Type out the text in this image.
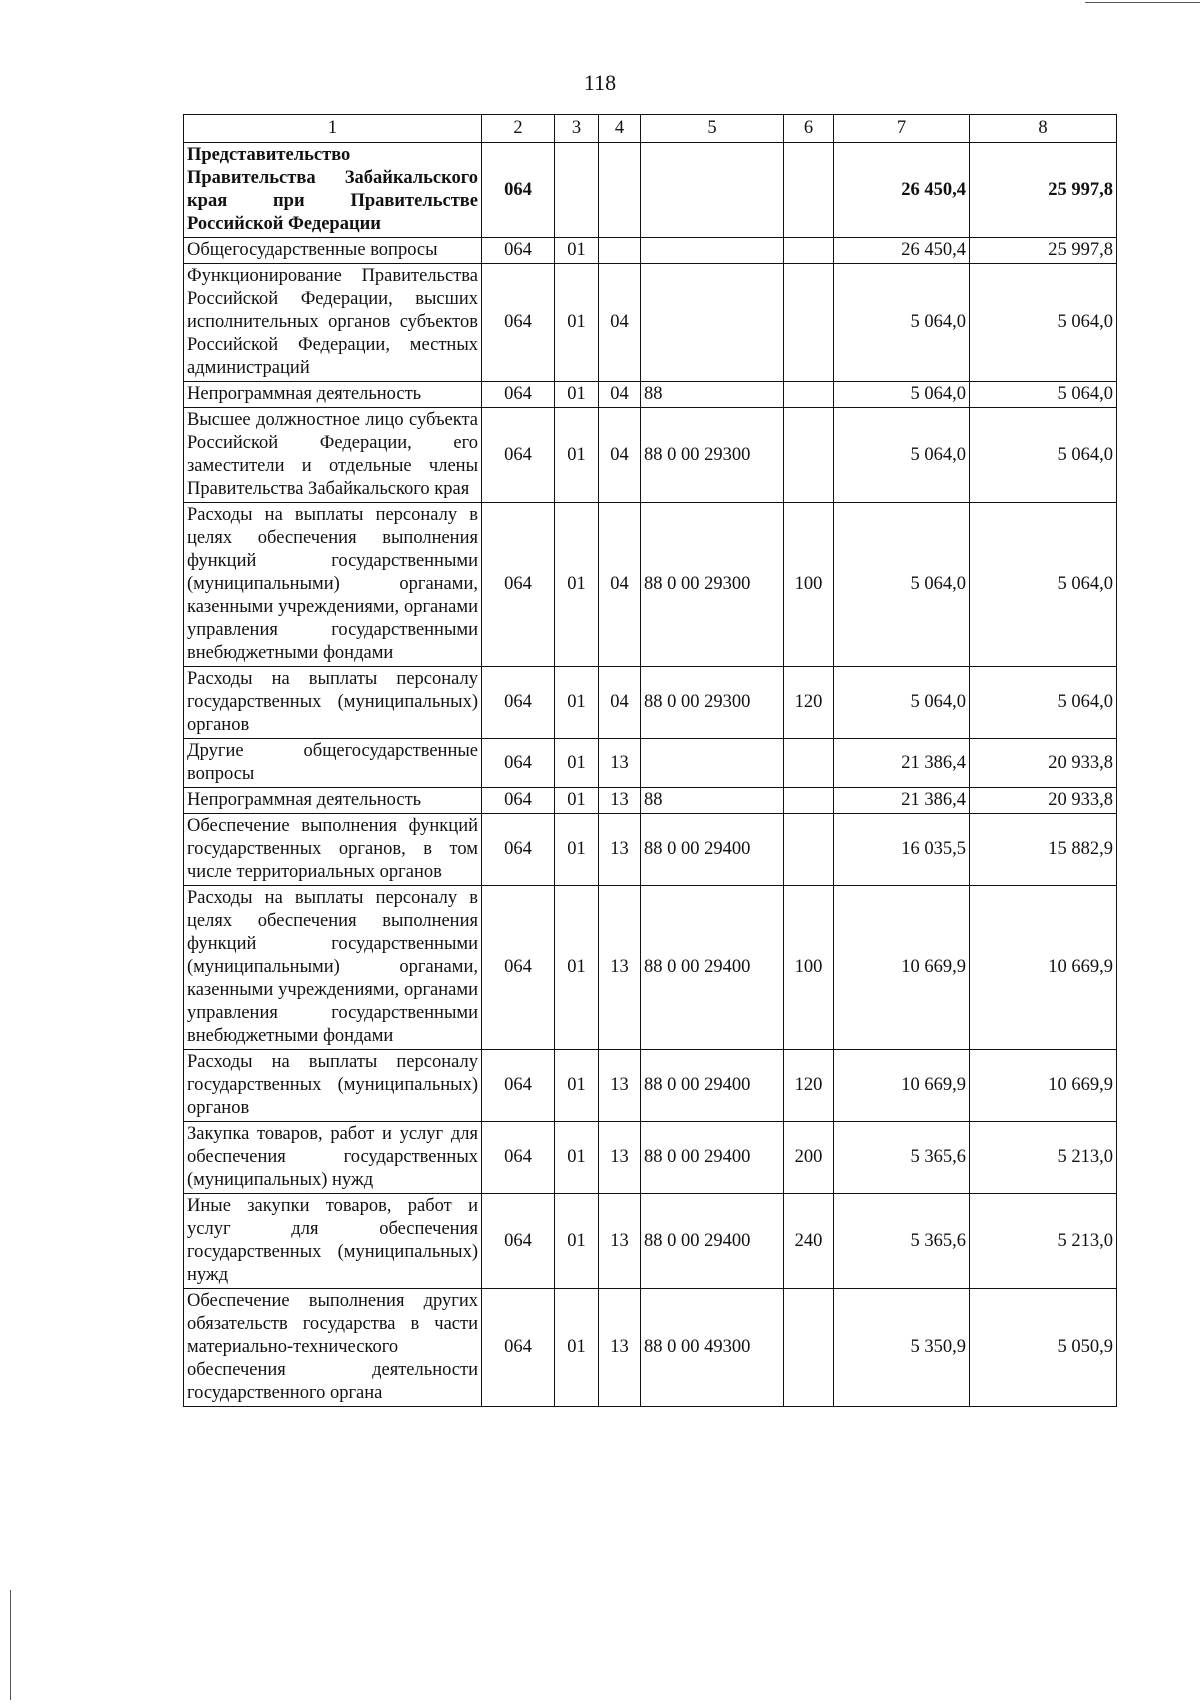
118
1	2	3	4	5	6	7	8
Представительство Правительства Забайкальского края при Правительстве Российской Федерации	064					26 450,4	25 997,8
Общегосударственные вопросы	064	01				26 450,4	25 997,8
Функционирование Правительства Российской Федерации, высших исполнительных органов субъектов Российской Федерации, местных администраций	064	01	04			5 064,0	5 064,0
Непрограммная деятельность	064	01	04	88		5 064,0	5 064,0
Высшее должностное лицо субъекта Российской Федерации, его заместители и отдельные члены Правительства Забайкальского края	064	01	04	88 0 00 29300		5 064,0	5 064,0
Расходы на выплаты персоналу в целях обеспечения выполнения функций государственными (муниципальными) органами, казенными учреждениями, органами управления государственными внебюджетными фондами	064	01	04	88 0 00 29300	100	5 064,0	5 064,0
Расходы на выплаты персоналу государственных (муниципальных) органов	064	01	04	88 0 00 29300	120	5 064,0	5 064,0
Другие общегосударственные вопросы	064	01	13			21 386,4	20 933,8
Непрограммная деятельность	064	01	13	88		21 386,4	20 933,8
Обеспечение выполнения функций государственных органов, в том числе территориальных органов	064	01	13	88 0 00 29400		16 035,5	15 882,9
Расходы на выплаты персоналу в целях обеспечения выполнения функций государственными (муниципальными) органами, казенными учреждениями, органами управления государственными внебюджетными фондами	064	01	13	88 0 00 29400	100	10 669,9	10 669,9
Расходы на выплаты персоналу государственных (муниципальных) органов	064	01	13	88 0 00 29400	120	10 669,9	10 669,9
Закупка товаров, работ и услуг для обеспечения государственных (муниципальных) нужд	064	01	13	88 0 00 29400	200	5 365,6	5 213,0
Иные закупки товаров, работ и услуг для обеспечения государственных (муниципальных) нужд	064	01	13	88 0 00 29400	240	5 365,6	5 213,0
Обеспечение выполнения других обязательств государства в части материально-технического обеспечения деятельности государственного органа	064	01	13	88 0 00 49300		5 350,9	5 050,9
